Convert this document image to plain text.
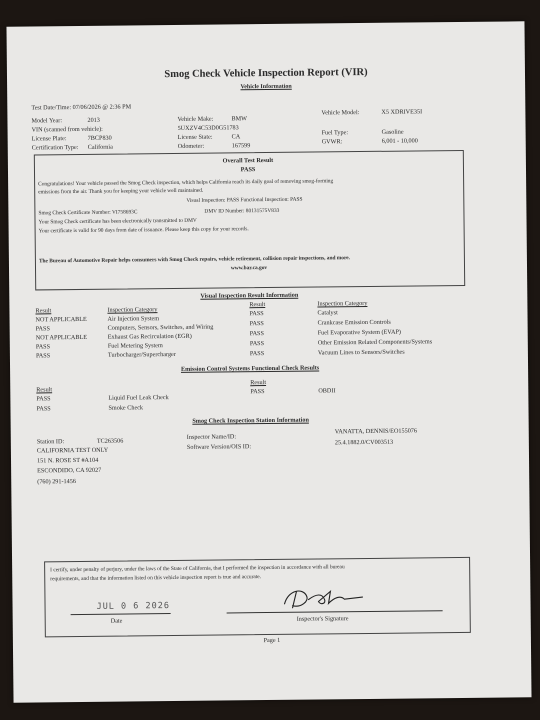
Smog Check Vehicle Inspection Report (VIR)
Vehicle Information
Test Date/Time: 07/06/2026 @ 2:36 PM
Model Year:	2013
VIN (scanned from vehicle):
License Plate:	7BCP830
Certification Type: California
Vehicle Make:	BMW
5UXZV4C53D0G51783
License State:	CA
Odometer:	167599
Vehicle Model:	X5 XDRIVE35I
Fuel Type:	Gasoline
GVWR:	6,001 - 10,000
Overall Test Result
PASS
Congratulations! Your vehicle passed the Smog Check inspection, which helps California reach its daily goal of removing smog-forming
emissions from the air. Thank you for keeping your vehicle well maintained.
Visual Inspection: PASS Functional Inspection: PASS
Smog Check Certificate Number: VI758693C	DMV ID Number: 80131575V833
Your Smog Check certificate has been electronically transmitted to DMV
Your certificate is valid for 90 days from date of issuance. Please keep this copy for your records.
The Bureau of Automotive Repair helps consumers with Smog Check repairs, vehicle retirement, collision repair inspections, and more.
www.bar.ca.gov
Visual Inspection Result Information
Result	Inspection Category
Result	Inspection Category
NOT APPLICABLE	Air Injection System
PASS	Computers, Sensors, Switches, and Wiring
NOT APPLICABLE	Exhaust Gas Recirculation (EGR)
PASS	Fuel Metering System
PASS	Turbocharger/Supercharger
PASS	Catalyst
PASS	Crankcase Emission Controls
PASS	Fuel Evaporative System (EVAP)
PASS	Other Emission Related Components/Systems
PASS	Vacuum Lines to Sensors/Switches
Emission Control Systems Functional Check Results
Result
Result
PASS	Liquid Fuel Leak Check
PASS	Smoke Check
PASS	OBDII
Smog Check Inspection Station Information
Station ID:	TC263506
CALIFORNIA TEST ONLY
151 N. ROSE ST #A104
ESCONDIDO, CA 92027
(760) 291-1456
Inspector Name/ID:
Software Version/OIS ID:
VANATTA, DENNIS/EO155076
25.4.1882.0/CV003513
I certify, under penalty of perjury, under the laws of the State of California, that I performed the inspection in accordance with all bureau
requirements, and that the information listed on this vehicle inspection report is true and accurate.
JUL 0 6 2026
Date	Inspector's Signature
Page 1
